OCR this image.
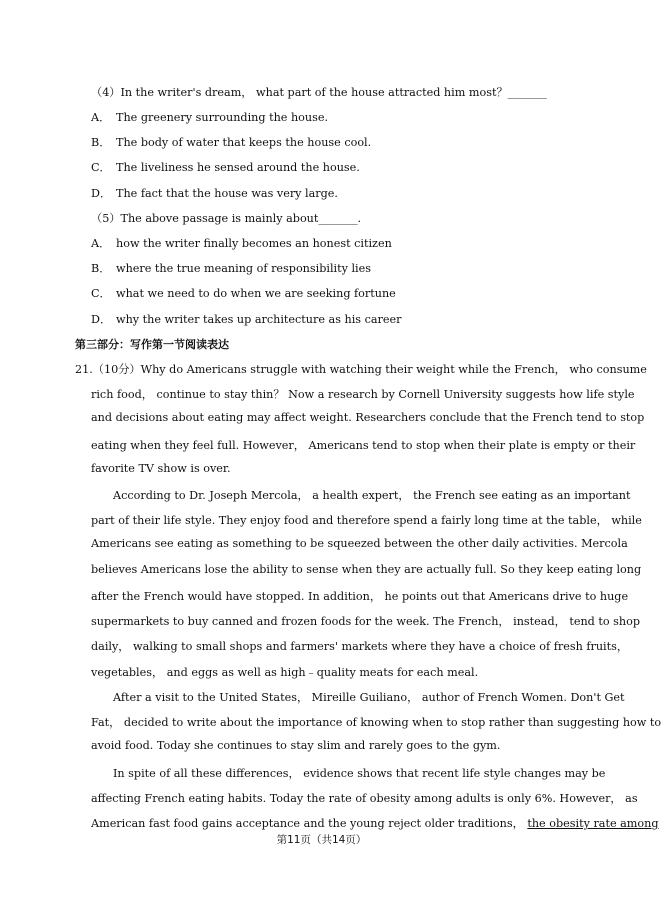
（4）In the writer's dream， what part of the house attracted him most？_______
A． The greenery surrounding the house.
B． The body of water that keeps the house cool.
C． The liveliness he sensed around the house.
D． The fact that the house was very large.
（5）The above passage is mainly about_______.
A． how the writer finally becomes an honest citizen
B． where the true meaning of responsibility lies
C． what we need to do when we are seeking fortune
D． why the writer takes up architecture as his career
第三部分：写作第一节阅读表达
21.（10分）Why do Americans struggle with watching their weight while the French， who consume
rich food， continue to stay thin？ Now a research by Cornell University suggests how life style
and decisions about eating may affect weight. Researchers conclude that the French tend to stop
eating when they feel full. However， Americans tend to stop when their plate is empty or their
favorite TV show is over.
According to Dr. Joseph Mercola， a health expert， the French see eating as an important
part of their life style. They enjoy food and therefore spend a fairly long time at the table， while
Americans see eating as something to be squeezed between the other daily activities. Mercola
believes Americans lose the ability to sense when they are actually full. So they keep eating long
after the French would have stopped. In addition， he points out that Americans drive to huge
supermarkets to buy canned and frozen foods for the week. The French， instead， tend to shop
daily， walking to small shops and farmers' markets where they have a choice of fresh fruits，
vegetables， and eggs as well as high﹣quality meats for each meal.
After a visit to the United States， Mireille Guiliano， author of French Women. Don't Get
Fat， decided to write about the importance of knowing when to stop rather than suggesting how to
avoid food. Today she continues to stay slim and rarely goes to the gym.
In spite of all these differences， evidence shows that recent life style changes may be
affecting French eating habits. Today the rate of obesity among adults is only 6%. However， as
American fast food gains acceptance and the young reject older traditions， the obesity rate among
第11页（共14页）
